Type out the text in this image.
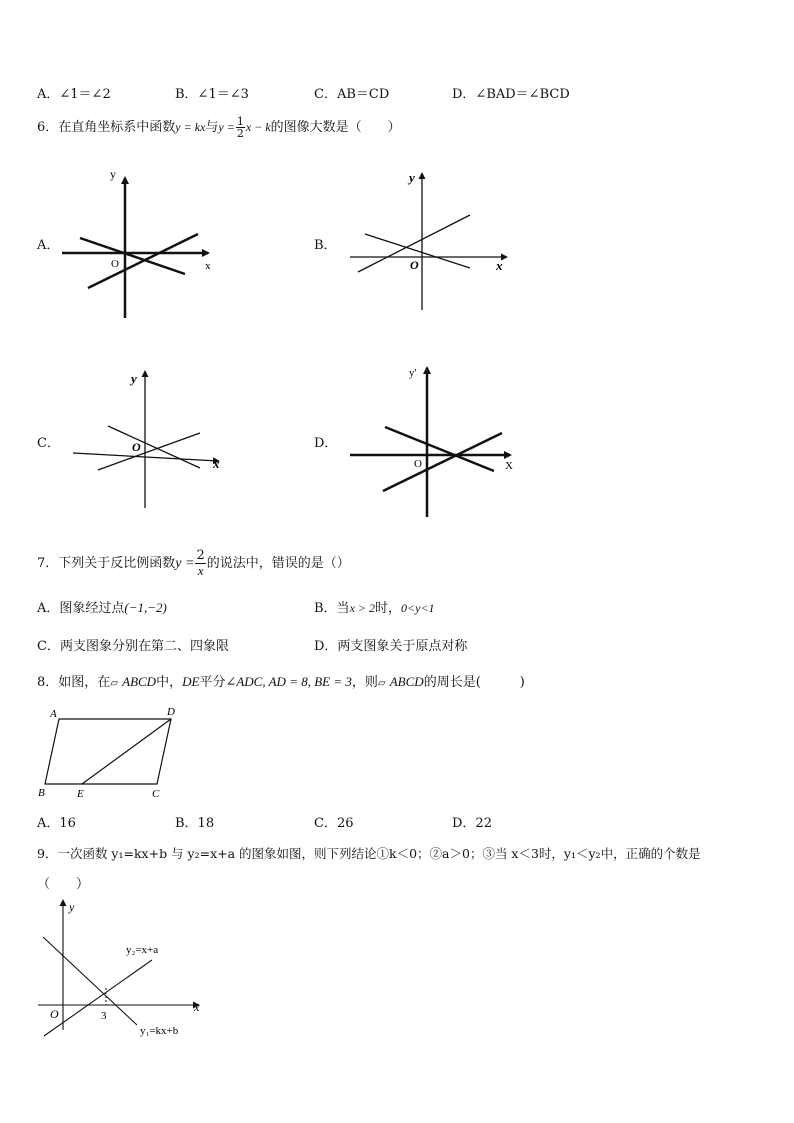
A．∠1＝∠2	B．∠1＝∠3	C．AB＝CD	D．∠BAD＝∠BCD
6．在直角坐标系中函数y = kx与$y = \frac{1}{2}$ x − k的图像大数是（　　）
A．	B．
C．	D．
y
x
O
y
x
O
y
x
O
y'
X
O
A	D
B	E	C
y
x
O	3
y₂=x+a
y₁=kx+b
7．下列关于反比例函数$y = \frac{2}{x}$ 的说法中，错误的是（）
A．图象经过点(−1,−2)	B．当x > 2时，0<y<1
C．两支图象分别在第二、四象限	D．两支图象关于原点对称
8．如图，在▱ ABCD中，DE平分∠ADC, AD = 8, BE = 3，则▱ ABCD的周长是(　　　)
A．16	B．18	C．26	D．22
9．一次函数 y₁=kx+b 与 y₂=x+a 的图象如图，则下列结论①k＜0；②a＞0；③当 x＜3时，y₁＜y₂中，正确的个数是
（　　）
